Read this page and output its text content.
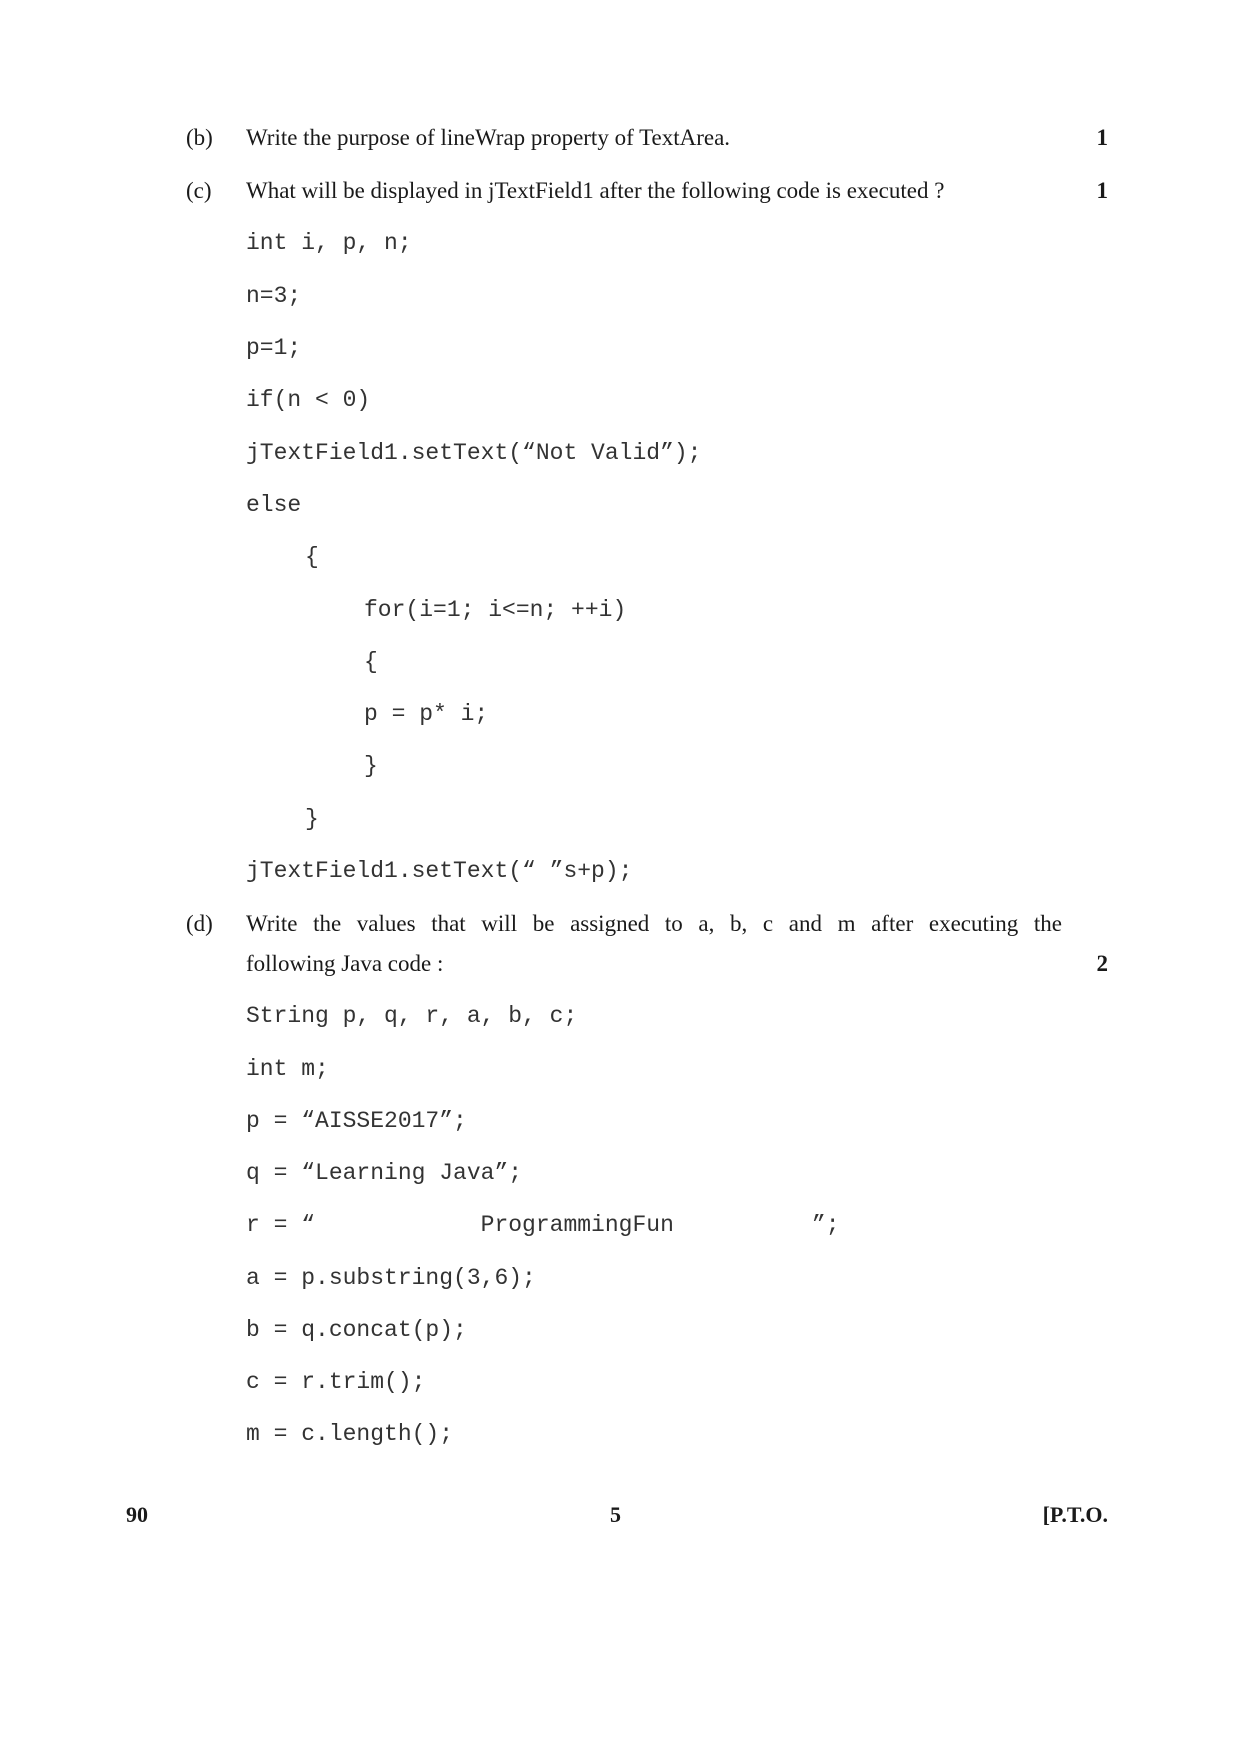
(b) Write the purpose of lineWrap property of TextArea.	1
(c) What will be displayed in jTextField1 after the following code is executed ?	1
int i, p, n;
n=3;
p=1;
if(n < 0)
jTextField1.setText(“Not Valid”);
else
{
for(i=1; i<=n; ++i)
{
p = p* i;
}
}
jTextField1.setText(“ ”s+p);
(d) Write the values that will be assigned to a, b, c and m after executing the
following Java code :	2
String p, q, r, a, b, c;
int m;
p = “AISSE2017”;
q = “Learning Java”;
r = “            ProgrammingFun          ”;
a = p.substring(3,6);
b = q.concat(p);
c = r.trim();
m = c.length();
90	5	[P.T.O.
